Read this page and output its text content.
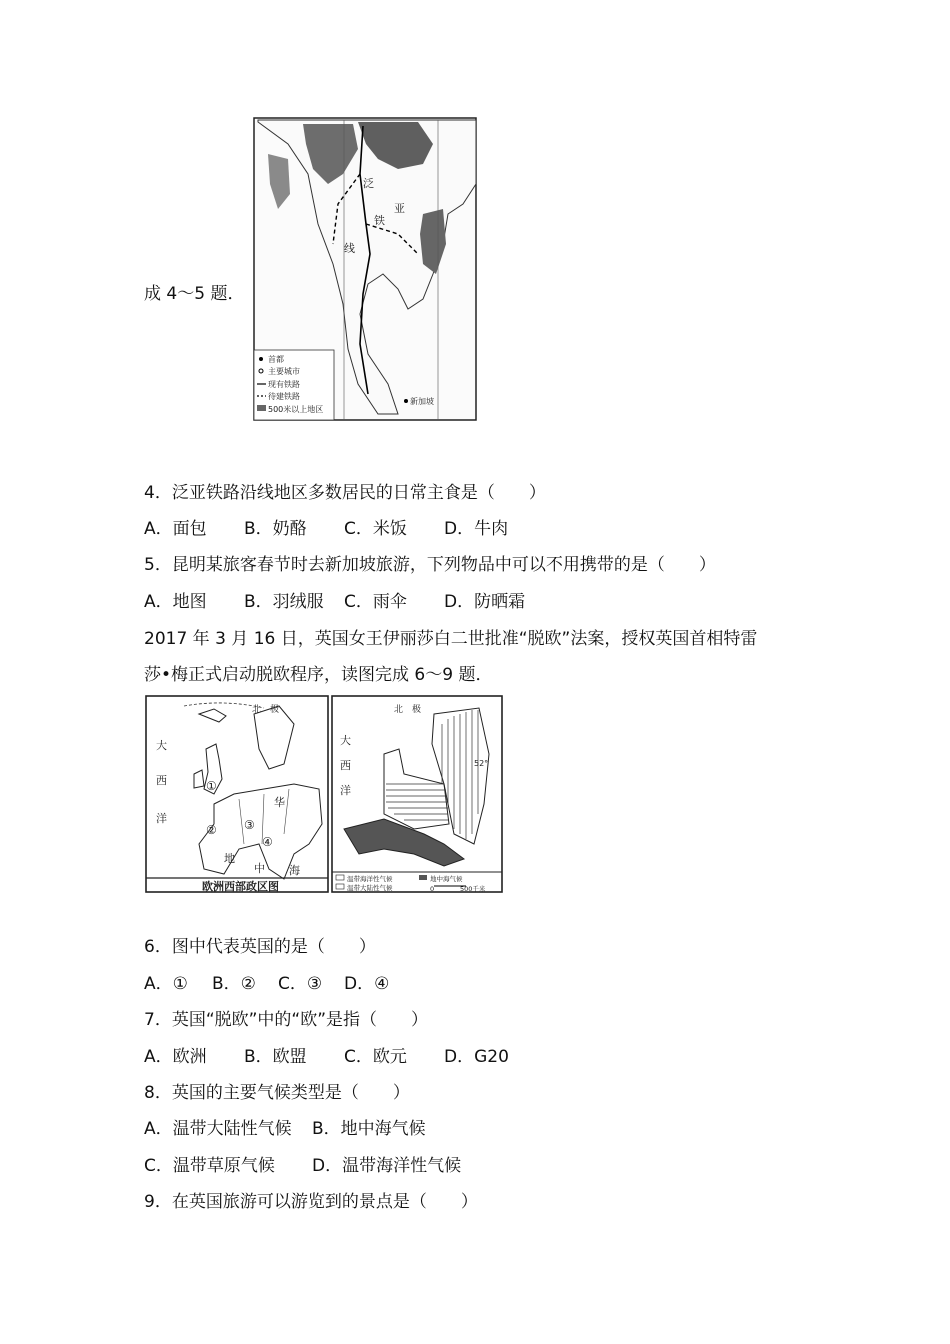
成 4～5 题．
泛
亚
铁
线
新加坡
首都
主要城市
现有铁路
待建铁路
500米以上地区
4．泛亚铁路沿线地区多数居民的日常主食是（　　）
A．面包 B．奶酪 C．米饭 D．牛肉
5．昆明某旅客春节时去新加坡旅游，下列物品中可以不用携带的是（　　）
A．地图 B．羽绒服 C．雨伞 D．防晒霜
2017 年 3 月 16 日，英国女王伊丽莎白二世批准“脱欧”法案，授权英国首相特雷
莎•梅正式启动脱欧程序，读图完成 6～9 题．
北　极
大
西
洋
①
② ③
④
华
地
中 海
欧洲西部政区图
北　极
大
西
洋
52°
温带海洋性气候
温带大陆性气候
地中海气候
0	500千米
6．图中代表英国的是（　　）
A．① B．② C．③ D．④
7．英国“脱欧”中的“欧”是指（　　）
A．欧洲 B．欧盟 C．欧元 D．G20
8．英国的主要气候类型是（　　）
A．温带大陆性气候 B．地中海气候
C．温带草原气候 D．温带海洋性气候
9．在英国旅游可以游览到的景点是（　　）
